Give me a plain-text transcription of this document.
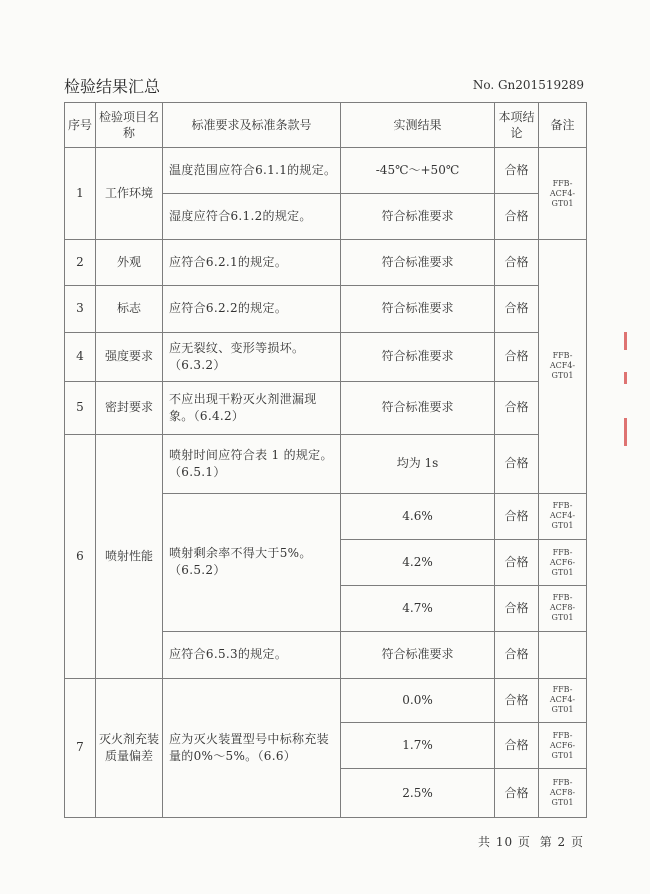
检验结果汇总	No. Gn201519289
序号	检验项目名称	标准要求及标准条款号	实测结果	本项结论	备注
1	工作环境	温度范围应符合6.1.1的规定。	-45℃～+50℃	合格	FFB-ACF4-GT01
		湿度应符合6.1.2的规定。	符合标准要求	合格	
2	外观	应符合6.2.1的规定。	符合标准要求	合格	FFB-ACF4-GT01
3	标志	应符合6.2.2的规定。	符合标准要求	合格	
4	强度要求	应无裂纹、变形等损坏。（6.3.2）	符合标准要求	合格	
5	密封要求	不应出现干粉灭火剂泄漏现象。（6.4.2）	符合标准要求	合格	
6	喷射性能	喷射时间应符合表 1 的规定。（6.5.1）	均为 1s	合格	
		喷射剩余率不得大于5%。（6.5.2）	4.6%	合格	FFB-ACF4-GT01
			4.2%	合格	FFB-ACF6-GT01
			4.7%	合格	FFB-ACF8-GT01
		应符合6.5.3的规定。	符合标准要求	合格	
7	灭火剂充装质量偏差	应为灭火装置型号中标称充装量的0%～5%。（6.6）	0.0%	合格	FFB-ACF4-GT01
			1.7%	合格	FFB-ACF6-GT01
			2.5%	合格	FFB-ACF8-GT01
共 10 页 第 2 页
